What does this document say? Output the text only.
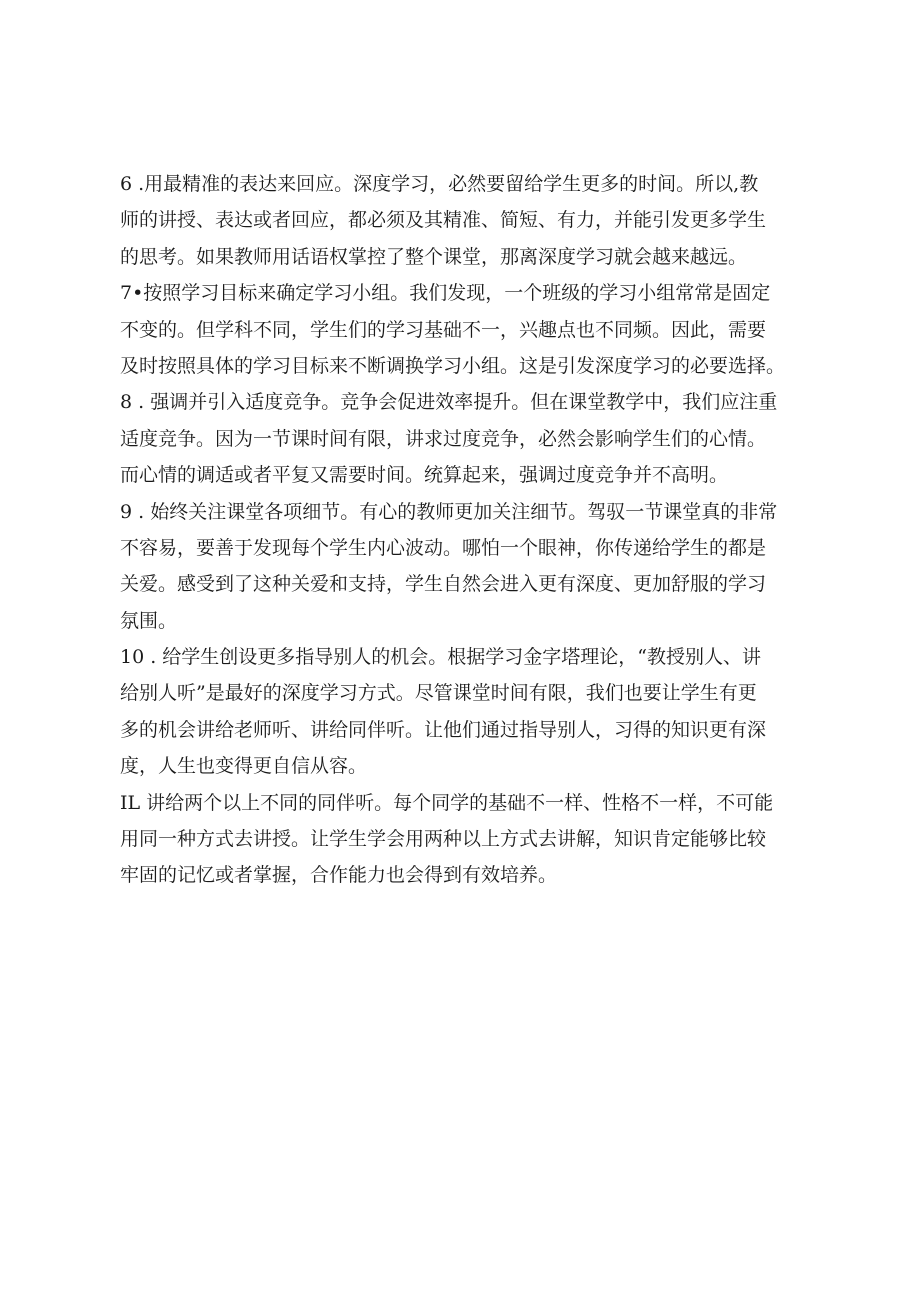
6 .用最精准的表达来回应。深度学习，必然要留给学生更多的时间。所以,教
师的讲授、表达或者回应，都必须及其精准、简短、有力，并能引发更多学生
的思考。如果教师用话语权掌控了整个课堂，那离深度学习就会越来越远。

7•按照学习目标来确定学习小组。我们发现，一个班级的学习小组常常是固定
不变的。但学科不同，学生们的学习基础不一，兴趣点也不同频。因此，需要
及时按照具体的学习目标来不断调换学习小组。这是引发深度学习的必要选择。

8 . 强调并引入适度竞争。竞争会促进效率提升。但在课堂教学中，我们应注重
适度竞争。因为一节课时间有限，讲求过度竞争，必然会影响学生们的心情。
而心情的调适或者平复又需要时间。统算起来，强调过度竞争并不高明。

9 . 始终关注课堂各项细节。有心的教师更加关注细节。驾驭一节课堂真的非常
不容易，要善于发现每个学生内心波动。哪怕一个眼神，你传递给学生的都是
关爱。感受到了这种关爱和支持，学生自然会进入更有深度、更加舒服的学习
氛围。

10 . 给学生创设更多指导别人的机会。根据学习金字塔理论，“教授别人、讲
给别人听”是最好的深度学习方式。尽管课堂时间有限，我们也要让学生有更
多的机会讲给老师听、讲给同伴听。让他们通过指导别人，习得的知识更有深
度，人生也变得更自信从容。

IL 讲给两个以上不同的同伴听。每个同学的基础不一样、性格不一样，不可能
用同一种方式去讲授。让学生学会用两种以上方式去讲解，知识肯定能够比较
牢固的记忆或者掌握，合作能力也会得到有效培养。
